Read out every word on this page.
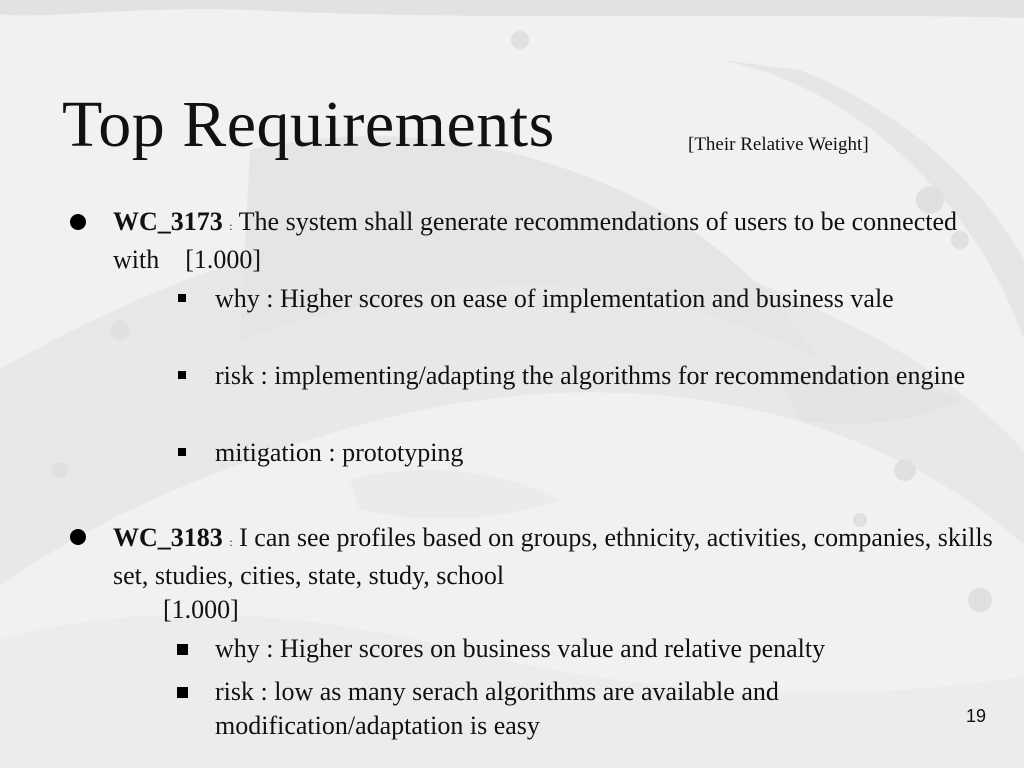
Top Requirements	[Their Relative Weight]
WC_3173 : The system shall generate recommendations of users to be connected with [1.000]
why : Higher scores on ease of implementation and business vale
risk : implementing/adapting the algorithms for recommendation engine
mitigation : prototyping
WC_3183 : I can see profiles based on groups, ethnicity, activities, companies, skills set, studies, cities, state, study, school
[1.000]
why : Higher scores on business value and relative penalty
risk : low as many serach algorithms are available and modification/adaptation is easy	19
